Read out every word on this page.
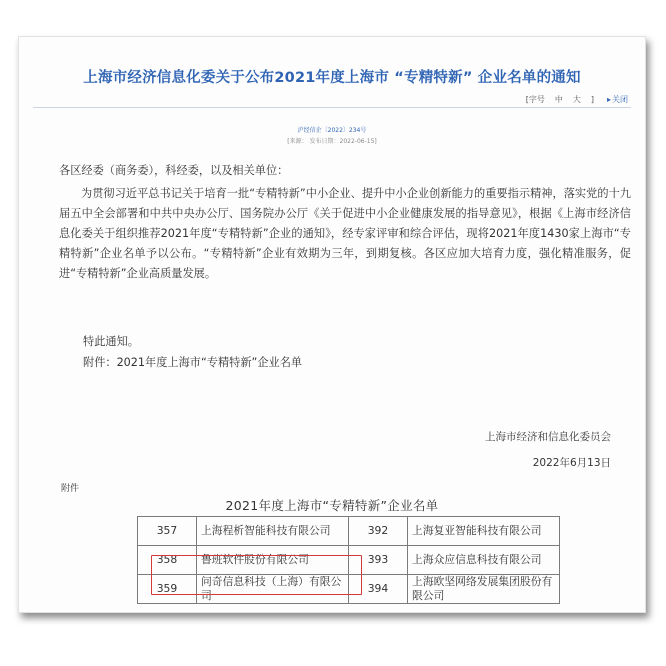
上海市经济信息化委关于公布2021年度上海市 “专精特新” 企业名单的通知
[字号	中	大	]	▸ 关闭
沪经信企〔2022〕234号
[来源： 发布日期：2022-06-15]
各区经委（商务委），科经委，以及相关单位：
为贯彻习近平总书记关于培育一批“专精特新”中小企业、提升中小企业创新能力的重要指示精神，落实党的十九届五中全会部署和中共中央办公厅、国务院办公厅《关于促进中小企业健康发展的指导意见》，根据《上海市经济信息化委关于组织推荐2021年度“专精特新”企业的通知》，经专家评审和综合评估，现将2021年度1430家上海市“专精特新”企业名单予以公布。“专精特新”企业有效期为三年，到期复核。各区应加大培育力度，强化精准服务，促进“专精特新”企业高质量发展。
特此通知。
附件：2021年度上海市“专精特新”企业名单
上海市经济和信息化委员会
2022年6月13日
附件
2021年度上海市“专精特新”企业名单
357	上海程析智能科技有限公司	392	上海复亚智能科技有限公司
358	鲁班软件股份有限公司	393	上海众应信息科技有限公司
359	问奇信息科技（上海）有限公司	394	上海欧坚网络发展集团股份有限公司
